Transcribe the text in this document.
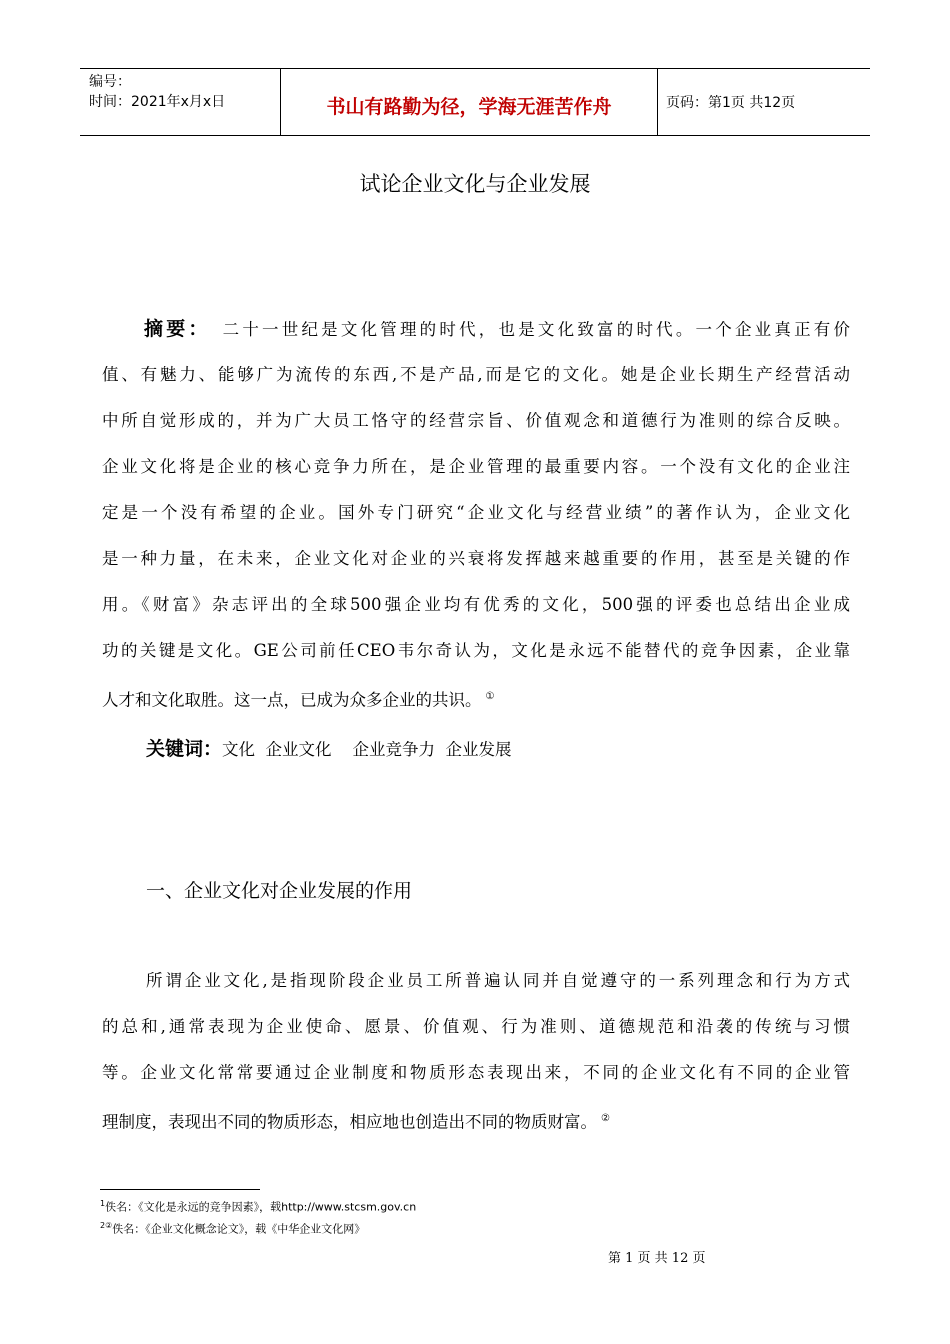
编号：
时间：2021年x月x日	书山有路勤为径，学海无涯苦作舟	页码：第1页 共12页
试论企业文化与企业发展
摘要： 二十一世纪是文化管理的时代，也是文化致富的时代。一个企业真正有价
值、有魅力、能够广为流传的东西,不是产品,而是它的文化。她是企业长期生产经营活动
中所自觉形成的，并为广大员工恪守的经营宗旨、价值观念和道德行为准则的综合反映。
企业文化将是企业的核心竞争力所在，是企业管理的最重要内容。一个没有文化的企业注
定是一个没有希望的企业。国外专门研究“企业文化与经营业绩”的著作认为，企业文化
是一种力量，在未来，企业文化对企业的兴衰将发挥越来越重要的作用，甚至是关键的作
用。《财富》杂志评出的全球500强企业均有优秀的文化，500强的评委也总结出企业成
功的关键是文化。GE公司前任CEO韦尔奇认为，文化是永远不能替代的竞争因素，企业靠
人才和文化取胜。这一点，已成为众多企业的共识。 ①
关键词：文化  企业文化    企业竞争力  企业发展
一、企业文化对企业发展的作用
所谓企业文化,是指现阶段企业员工所普遍认同并自觉遵守的一系列理念和行为方式
的总和,通常表现为企业使命、愿景、价值观、行为准则、道德规范和沿袭的传统与习惯
等。企业文化常常要通过企业制度和物质形态表现出来，不同的企业文化有不同的企业管
理制度，表现出不同的物质形态，相应地也创造出不同的物质财富。 ②
$^1$佚名：《文化是永远的竞争因素》，载http://www.stcsm.gov.cn
$^{2②}$佚名：《企业文化概念论文》，载《中华企业文化网》
第 1 页 共 12 页
